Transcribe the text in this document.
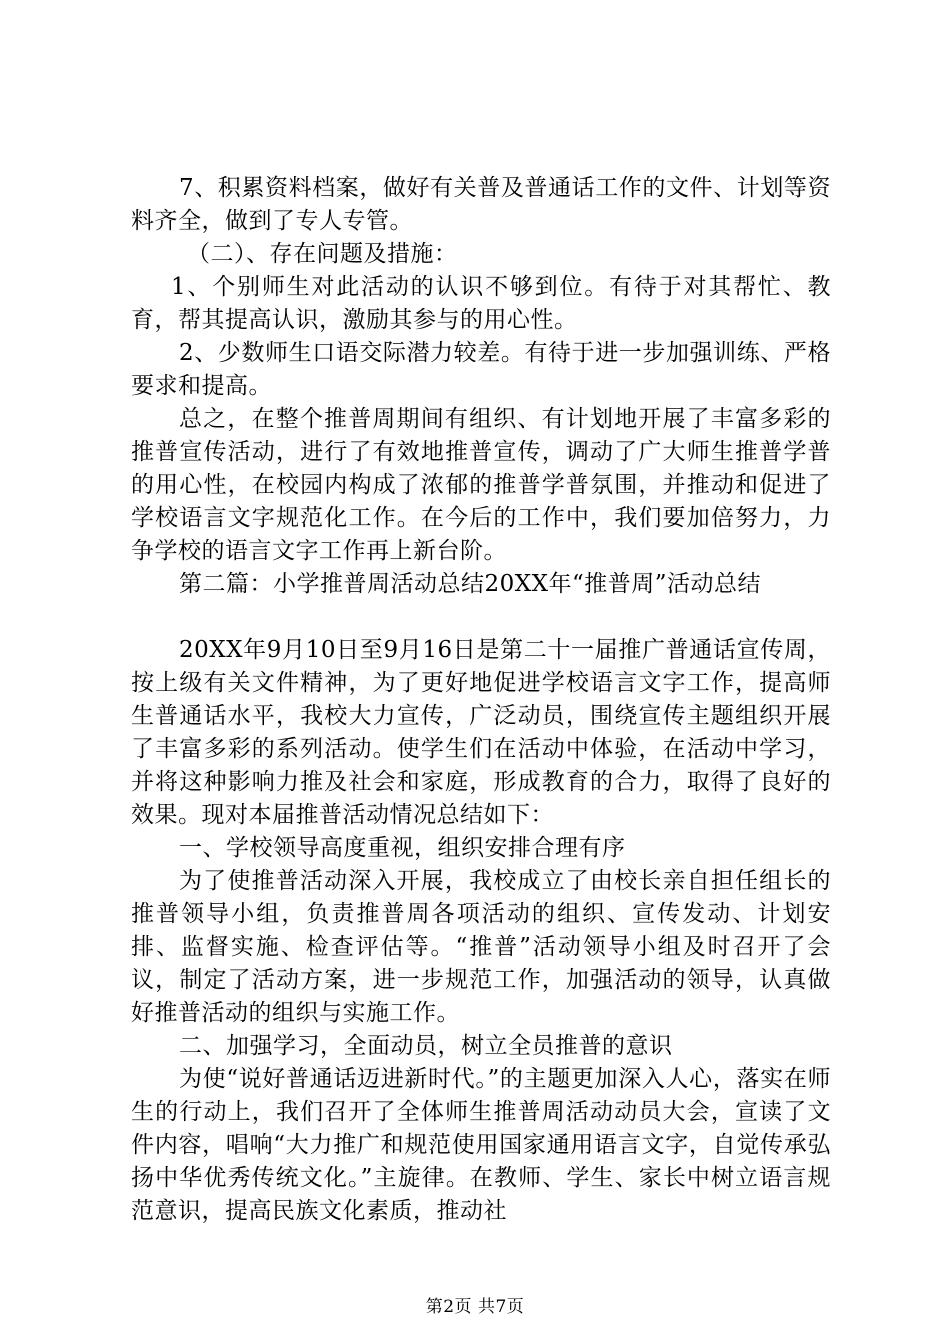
7、积累资料档案，做好有关普及普通话工作的文件、计划等资料齐全，做到了专人专管。

（二）、存在问题及措施：

1、个别师生对此活动的认识不够到位。有待于对其帮忙、教育，帮其提高认识，激励其参与的用心性。

2、少数师生口语交际潜力较差。有待于进一步加强训练、严格要求和提高。

总之，在整个推普周期间有组织、有计划地开展了丰富多彩的推普宣传活动，进行了有效地推普宣传，调动了广大师生推普学普的用心性，在校园内构成了浓郁的推普学普氛围，并推动和促进了学校语言文字规范化工作。在今后的工作中，我们要加倍努力，力争学校的语言文字工作再上新台阶。

第二篇：小学推普周活动总结20XX年“推普周”活动总结

20XX年9月10日至9月16日是第二十一届推广普通话宣传周，按上级有关文件精神，为了更好地促进学校语言文字工作，提高师生普通话水平，我校大力宣传，广泛动员，围绕宣传主题组织开展了丰富多彩的系列活动。使学生们在活动中体验，在活动中学习，并将这种影响力推及社会和家庭，形成教育的合力，取得了良好的效果。现对本届推普活动情况总结如下：

一、学校领导高度重视，组织安排合理有序

为了使推普活动深入开展，我校成立了由校长亲自担任组长的推普领导小组，负责推普周各项活动的组织、宣传发动、计划安排、监督实施、检查评估等。“推普”活动领导小组及时召开了会议，制定了活动方案，进一步规范工作，加强活动的领导，认真做好推普活动的组织与实施工作。

二、加强学习，全面动员，树立全员推普的意识

为使“说好普通话迈进新时代。”的主题更加深入人心，落实在师生的行动上，我们召开了全体师生推普周活动动员大会，宣读了文件内容，唱响“大力推广和规范使用国家通用语言文字，自觉传承弘扬中华优秀传统文化。”主旋律。在教师、学生、家长中树立语言规范意识，提高民族文化素质，推动社

第2页 共7页
